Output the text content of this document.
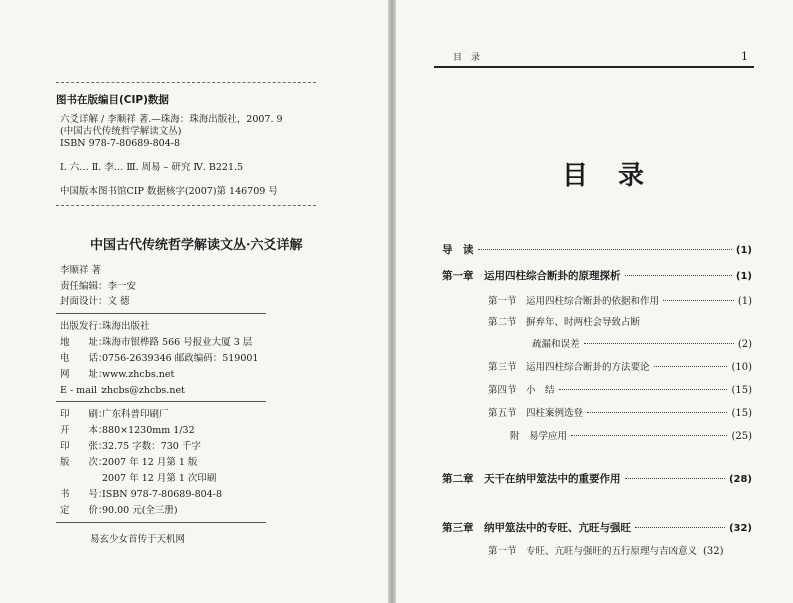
图书在版编目(CIP)数据
六爻详解 / 李顺祥 著.—珠海：珠海出版社，2007. 9
(中国古代传统哲学解读文丛)
ISBN 978-7-80689-804-8
Ⅰ. 六… Ⅱ. 李… Ⅲ. 周易 – 研究 Ⅳ. B221.5
中国版本图书馆CIP 数据核字(2007)第 146709 号
中国古代传统哲学解读文丛·六爻详解
李顺祥 著
责任编辑：李一安
封面设计：文 德
出版发行：珠海出版社
地　　址：珠海市银桦路 566 号报业大厦 3 层
电　　话：0756-2639346 邮政编码：519001
网　　址：www.zhcbs.net
E - mail ：zhcbs@zhcbs.net
印　　刷：广东科普印刷厂
开　　本：880×1230mm 1/32
印　　张：32.75 字数：730 千字
版　　次：2007 年 12 月第 1 版
2007 年 12 月第 1 次印刷
书　　号：ISBN 978-7-80689-804-8
定　　价：90.00 元(全三册)
易玄少女首传于天机网
目　录	1
目　录
导　读	(1)
第一章　运用四柱综合断卦的原理探析	(1)
第一节　运用四柱综合断卦的依据和作用	(1)
第二节　摒弃年、时两柱会导致占断
疏漏和误差	(2)
第三节　运用四柱综合断卦的方法要论	(10)
第四节　小　结	(15)
第五节　四柱案例选登	(15)
附　易学应用	(25)
第二章　天干在纳甲筮法中的重要作用	(28)
第三章　纳甲筮法中的专旺、亢旺与强旺	(32)
第一节　专旺、亢旺与强旺的五行原理与吉凶意义 (32)
